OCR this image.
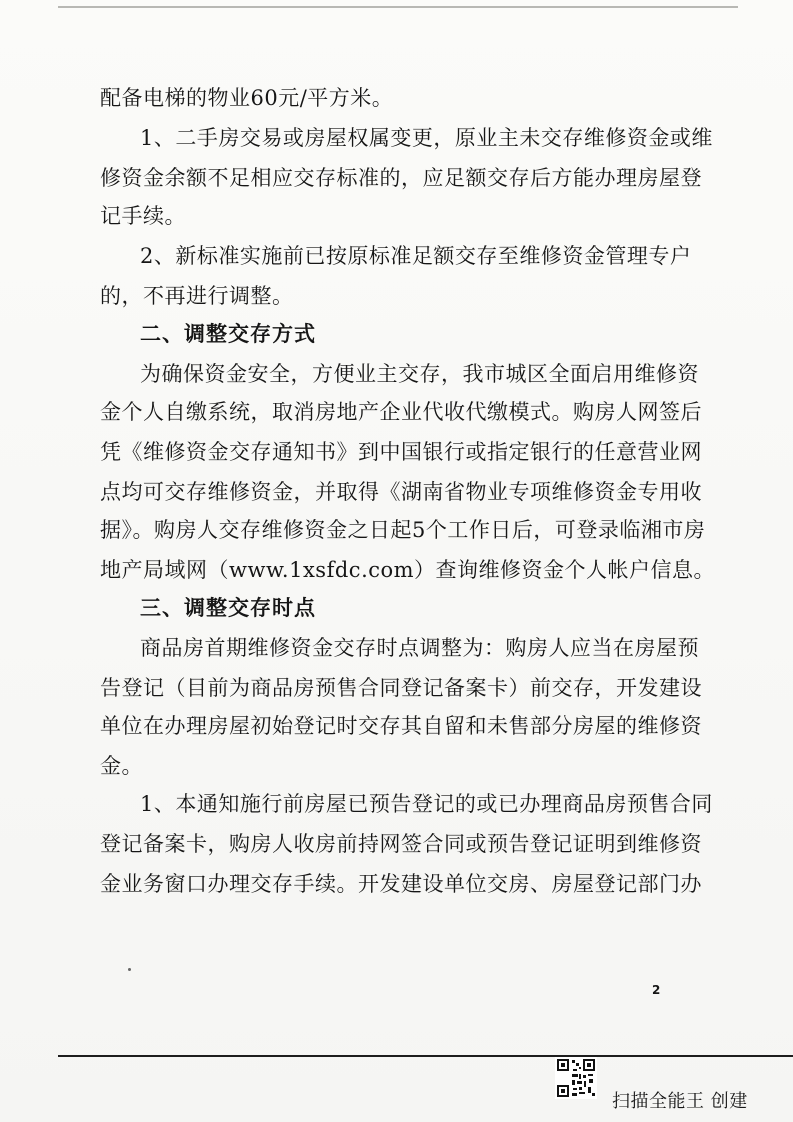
配备电梯的物业60元/平方米。
1、二手房交易或房屋权属变更，原业主未交存维修资金或维
修资金余额不足相应交存标准的，应足额交存后方能办理房屋登
记手续。
2、新标准实施前已按原标准足额交存至维修资金管理专户
的，不再进行调整。
二、调整交存方式
为确保资金安全，方便业主交存，我市城区全面启用维修资
金个人自缴系统，取消房地产企业代收代缴模式。购房人网签后
凭《维修资金交存通知书》到中国银行或指定银行的任意营业网
点均可交存维修资金，并取得《湖南省物业专项维修资金专用收
据》。购房人交存维修资金之日起5个工作日后，可登录临湘市房
地产局域网（www.1xsfdc.com）查询维修资金个人帐户信息。
三、调整交存时点
商品房首期维修资金交存时点调整为：购房人应当在房屋预
告登记（目前为商品房预售合同登记备案卡）前交存，开发建设
单位在办理房屋初始登记时交存其自留和未售部分房屋的维修资
金。
1、本通知施行前房屋已预告登记的或已办理商品房预售合同
登记备案卡，购房人收房前持网签合同或预告登记证明到维修资
金业务窗口办理交存手续。开发建设单位交房、房屋登记部门办
2
扫描全能王 创建
